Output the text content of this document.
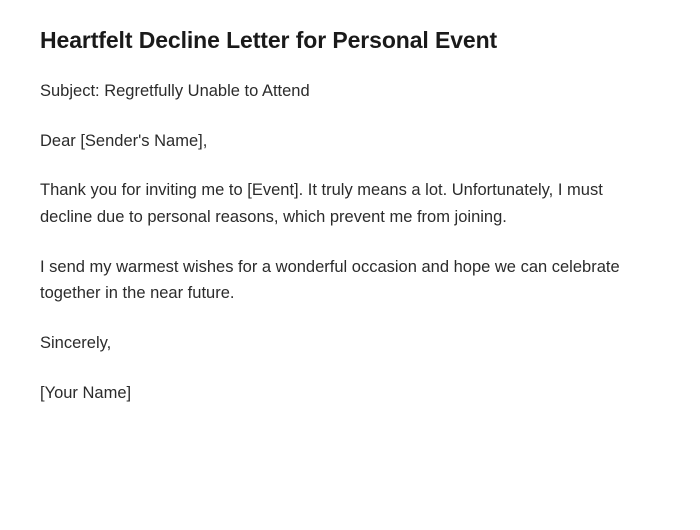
Heartfelt Decline Letter for Personal Event

Subject: Regretfully Unable to Attend

Dear [Sender's Name],

Thank you for inviting me to [Event]. It truly means a lot. Unfortunately, I must decline due to personal reasons, which prevent me from joining.

I send my warmest wishes for a wonderful occasion and hope we can celebrate together in the near future.

Sincerely,

[Your Name]
